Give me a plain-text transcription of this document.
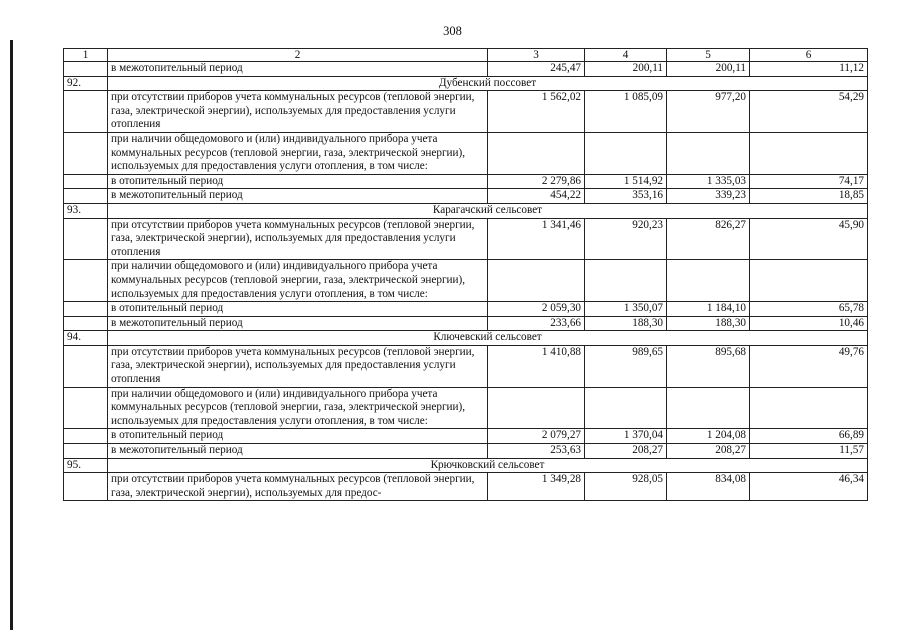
308
1	2	3	4	5	6
	в межотопительный период	245,47	200,11	200,11	11,12
92.	Дубенский поссовет				
	при отсутствии приборов учета коммунальных ресурсов (тепловой энергии, газа, электрической энергии), используемых для предоставления услуги отопления	1 562,02	1 085,09	977,20	54,29
	при наличии общедомового и (или) индивидуального прибора учета коммунальных ресурсов (тепловой энергии, газа, электрической энергии), используемых для предоставления услуги отопления, в том числе:				
	в отопительный период	2 279,86	1 514,92	1 335,03	74,17
	в межотопительный период	454,22	353,16	339,23	18,85
93.	Карагачский сельсовет				
	при отсутствии приборов учета коммунальных ресурсов (тепловой энергии, газа, электрической энергии), используемых для предоставления услуги отопления	1 341,46	920,23	826,27	45,90
	при наличии общедомового и (или) индивидуального прибора учета коммунальных ресурсов (тепловой энергии, газа, электрической энергии), используемых для предоставления услуги отопления, в том числе:				
	в отопительный период	2 059,30	1 350,07	1 184,10	65,78
	в межотопительный период	233,66	188,30	188,30	10,46
94.	Ключевский сельсовет				
	при отсутствии приборов учета коммунальных ресурсов (тепловой энергии, газа, электрической энергии), используемых для предоставления услуги отопления	1 410,88	989,65	895,68	49,76
	при наличии общедомового и (или) индивидуального прибора учета коммунальных ресурсов (тепловой энергии, газа, электрической энергии), используемых для предоставления услуги отопления, в том числе:				
	в отопительный период	2 079,27	1 370,04	1 204,08	66,89
	в межотопительный период	253,63	208,27	208,27	11,57
95.	Крючковский сельсовет				
	при отсутствии приборов учета коммунальных ресурсов (тепловой энергии, газа, электрической энергии), используемых для предос-	1 349,28	928,05	834,08	46,34
